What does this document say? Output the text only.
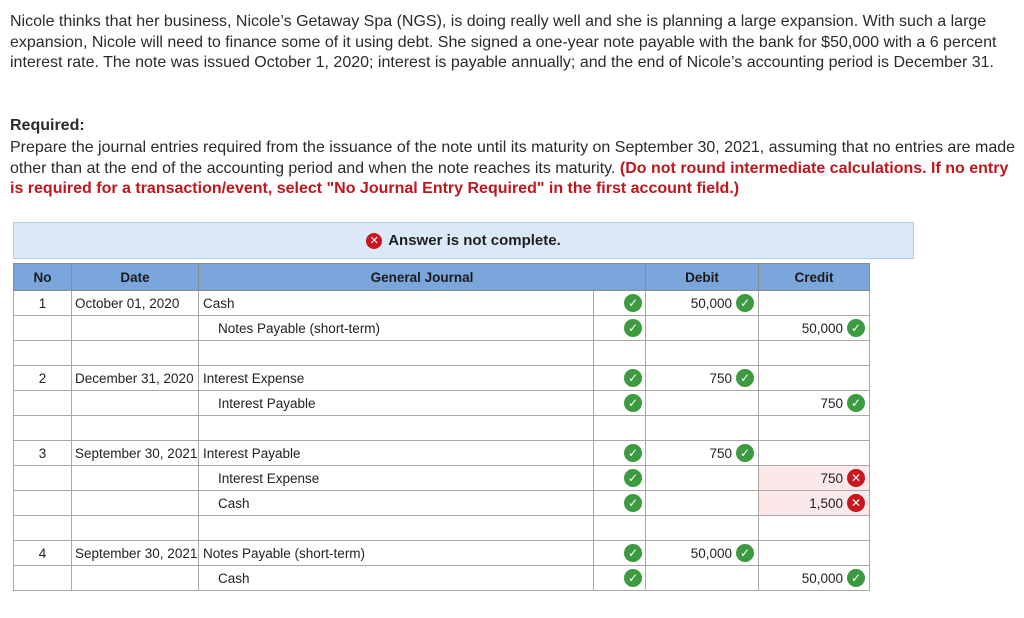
Nicole thinks that her business, Nicole’s Getaway Spa (NGS), is doing really well and she is planning a large expansion. With such a large expansion, Nicole will need to finance some of it using debt. She signed a one-year note payable with the bank for $50,000 with a 6 percent interest rate. The note was issued October 1, 2020; interest is payable annually; and the end of Nicole’s accounting period is December 31.

Required:

Prepare the journal entries required from the issuance of the note until its maturity on September 30, 2021, assuming that no entries are made other than at the end of the accounting period and when the note reaches its maturity. (Do not round intermediate calculations. If no entry is required for a transaction/event, select "No Journal Entry Required" in the first account field.)

✕ Answer is not complete.
No	Date	General Journal		Debit	Credit
1	October 01, 2020	Cash	✓	50,000 ✓	
		Notes Payable (short-term)	✓		50,000 ✓

2	December 31, 2020	Interest Expense	✓	750 ✓	
		Interest Payable	✓		750 ✓

3	September 30, 2021	Interest Payable	✓	750 ✓	
		Interest Expense	✓		750 ✕
		Cash	✓		1,500 ✕

4	September 30, 2021	Notes Payable (short-term)	✓	50,000 ✓	
		Cash	✓		50,000 ✓
